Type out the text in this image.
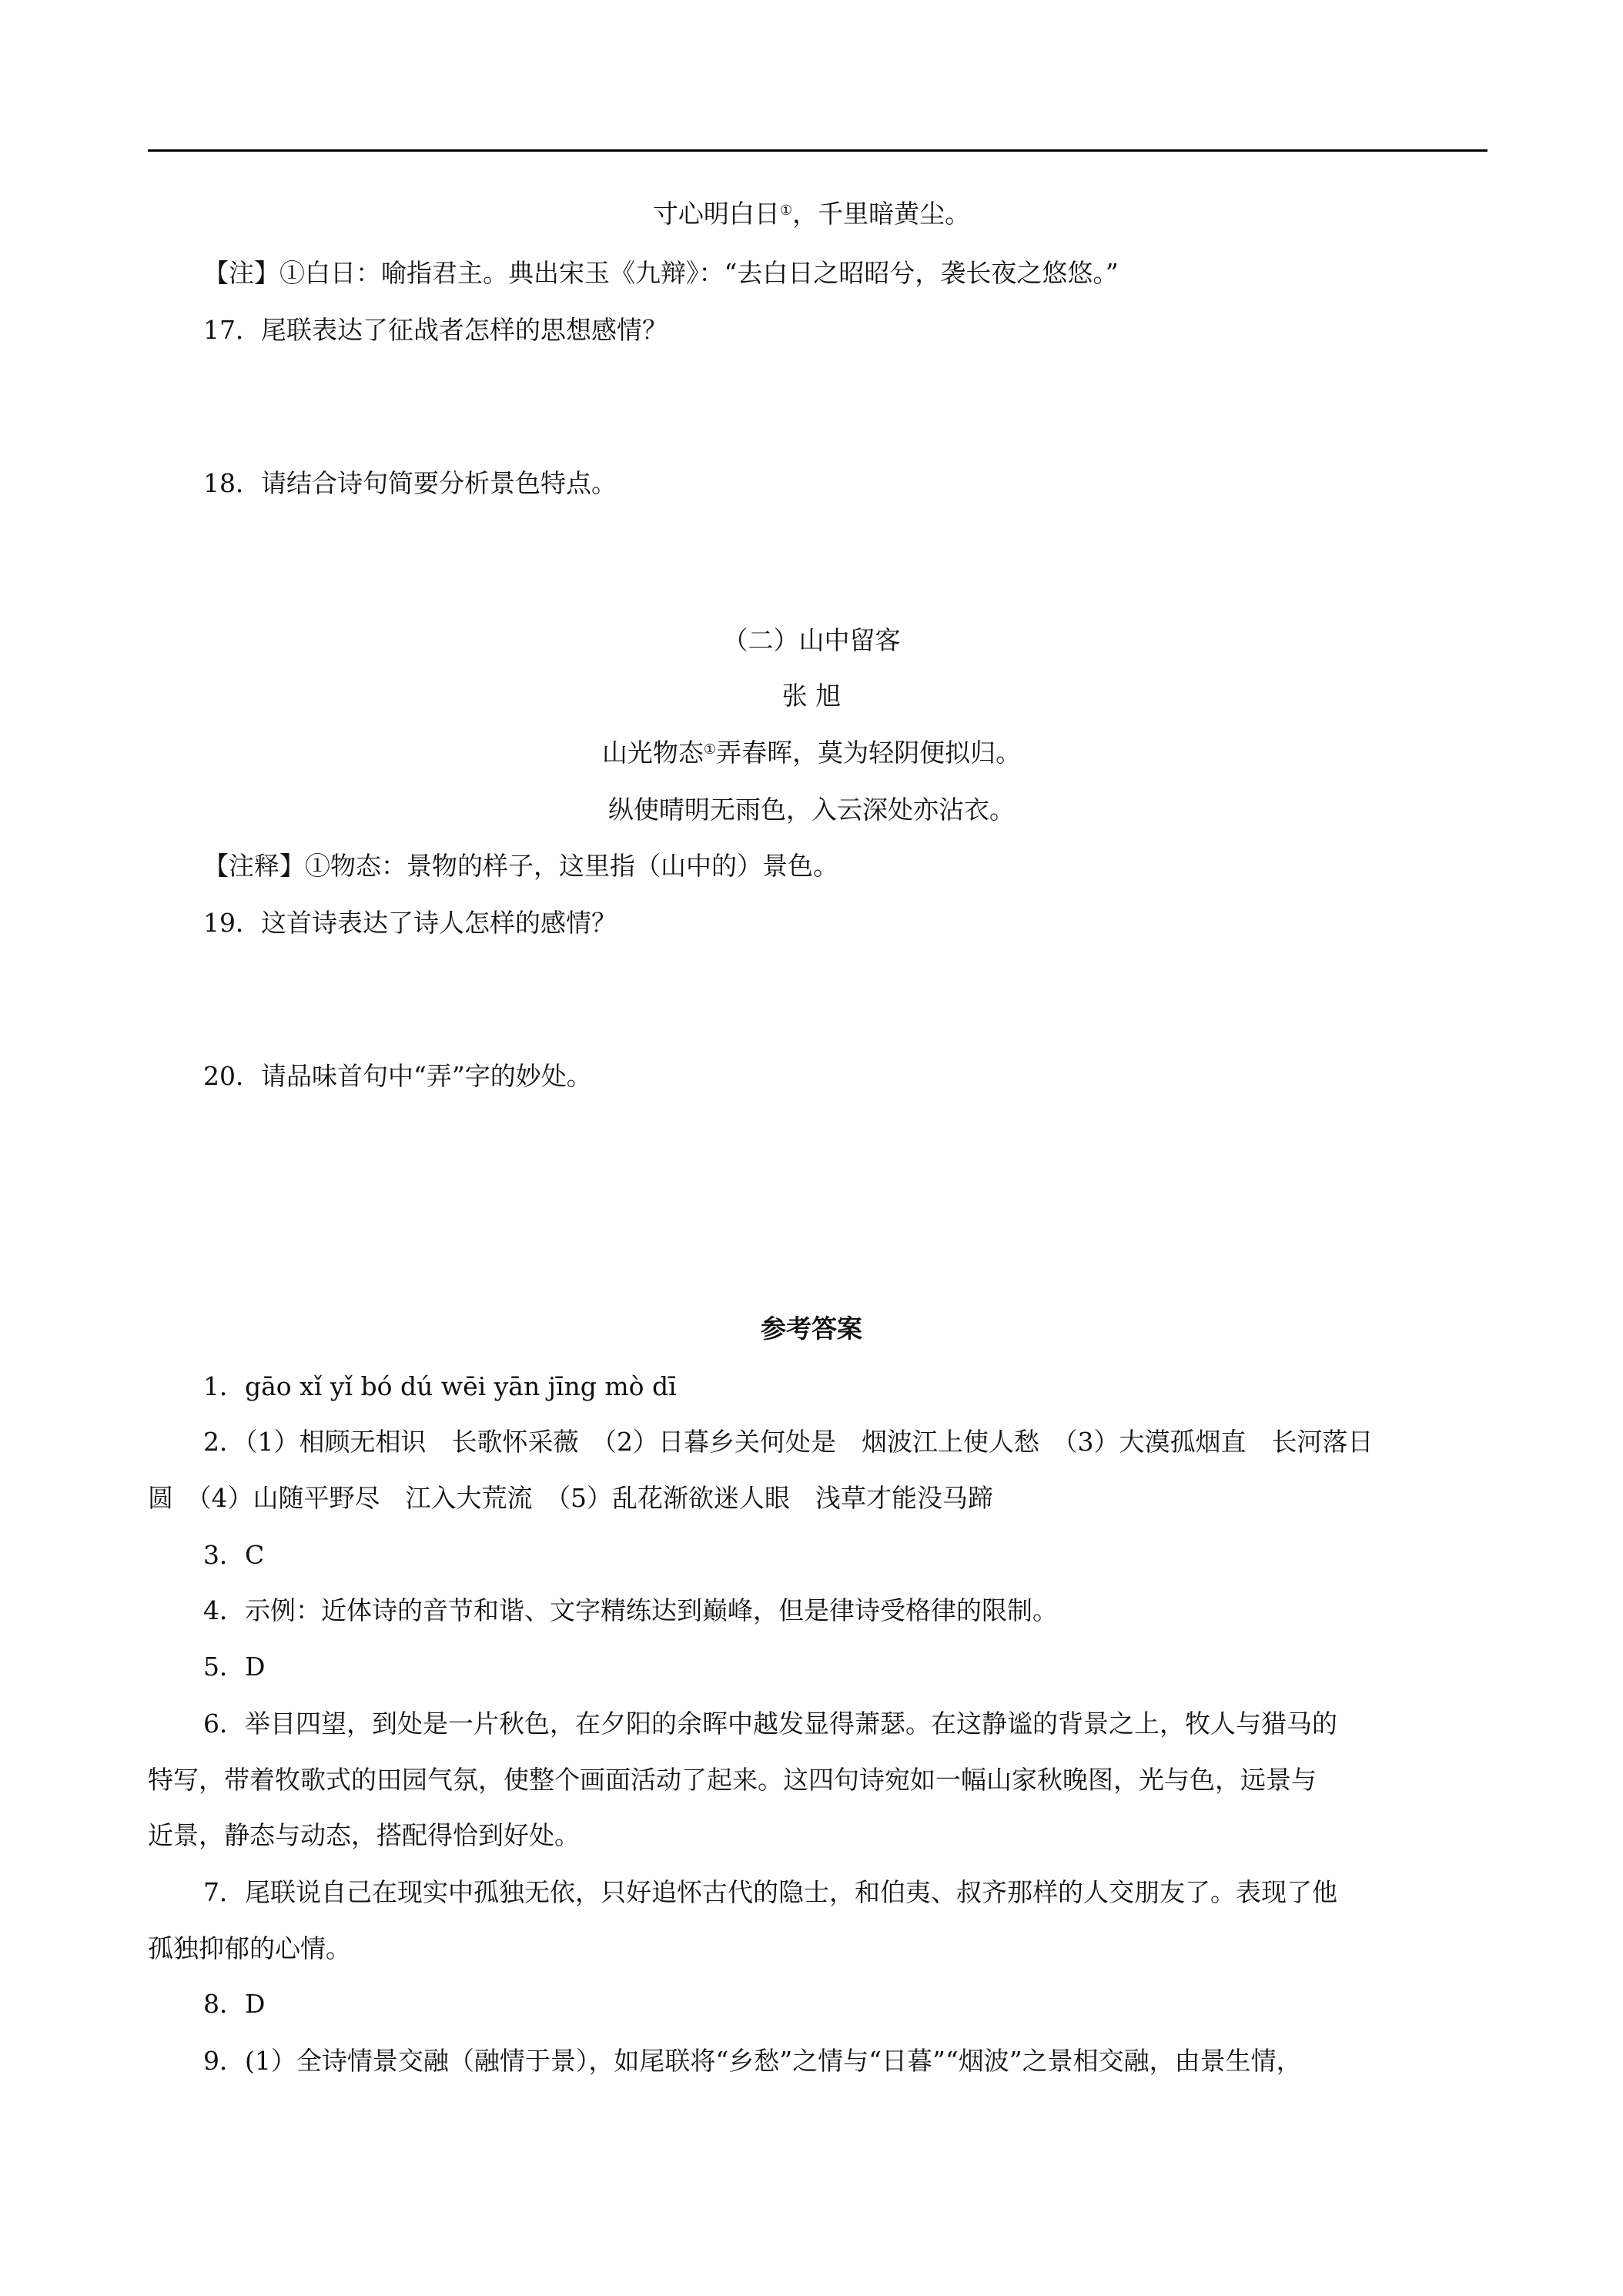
寸心明白日①，千里暗黄尘。
【注】①白日：喻指君主。典出宋玉《九辩》：“去白日之昭昭兮，袭长夜之悠悠。”
17．尾联表达了征战者怎样的思想感情？
18．请结合诗句简要分析景色特点。
（二）山中留客
张 旭
山光物态①弄春晖，莫为轻阴便拟归。
纵使晴明无雨色，入云深处亦沾衣。
【注释】①物态：景物的样子，这里指（山中的）景色。
19．这首诗表达了诗人怎样的感情？
20．请品味首句中“弄”字的妙处。
参考答案
1．gāo xǐ yǐ bó dú wēi yān jīng mò dī
2．（1）相顾无相识　长歌怀采薇　（2）日暮乡关何处是　烟波江上使人愁　（3）大漠孤烟直　长河落日
圆　（4）山随平野尽　江入大荒流　（5）乱花渐欲迷人眼　浅草才能没马蹄
3．C
4．示例：近体诗的音节和谐、文字精练达到巅峰，但是律诗受格律的限制。
5．D
6．举目四望，到处是一片秋色，在夕阳的余晖中越发显得萧瑟。在这静谧的背景之上，牧人与猎马的
特写，带着牧歌式的田园气氛，使整个画面活动了起来。这四句诗宛如一幅山家秋晚图，光与色，远景与
近景，静态与动态，搭配得恰到好处。
7．尾联说自己在现实中孤独无依，只好追怀古代的隐士，和伯夷、叔齐那样的人交朋友了。表现了他
孤独抑郁的心情。
8．D
9．(1）全诗情景交融（融情于景），如尾联将“乡愁”之情与“日暮”“烟波”之景相交融，由景生情，
